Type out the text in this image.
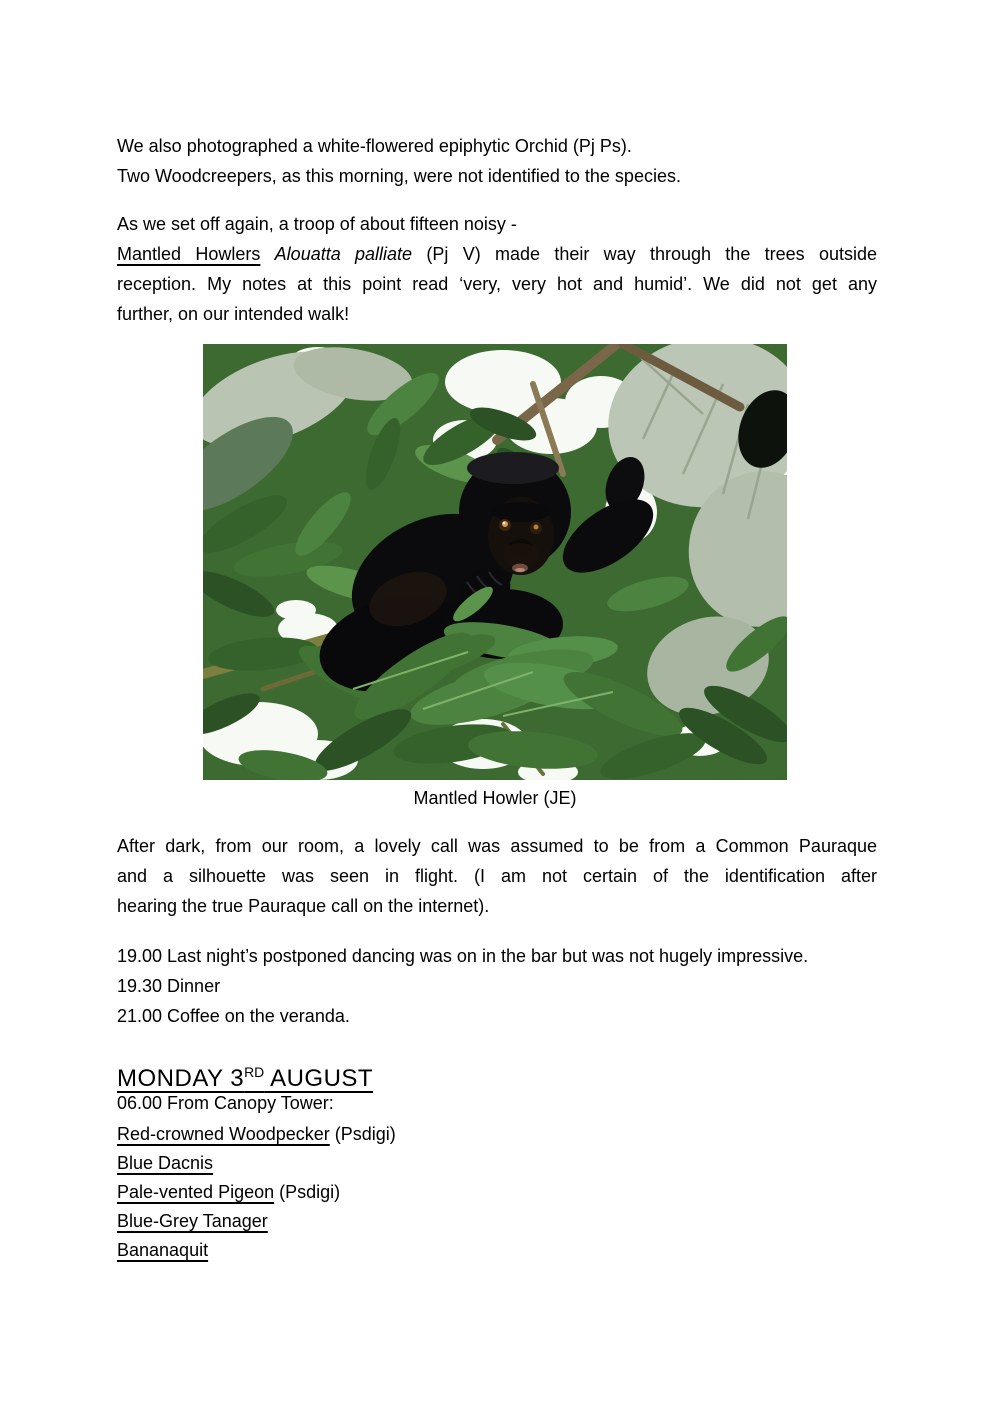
We also photographed a white-flowered epiphytic Orchid (Pj Ps).
Two Woodcreepers, as this morning, were not identified to the species.
As we set off again, a troop of about fifteen noisy -
Mantled Howlers Alouatta palliate (Pj V) made their way through the trees outside
reception. My notes at this point read ‘very, very hot and humid’. We did not get any
further, on our intended walk!
Mantled Howler (JE)
After dark, from our room, a lovely call was assumed to be from a Common Pauraque
and a silhouette was seen in flight. (I am not certain of the identification after
hearing the true Pauraque call on the internet).
19.00 Last night’s postponed dancing was on in the bar but was not hugely impressive.
19.30 Dinner
21.00 Coffee on the veranda.
MONDAY 3RD AUGUST
06.00 From Canopy Tower:
Red-crowned Woodpecker (Psdigi)
Blue Dacnis
Pale-vented Pigeon (Psdigi)
Blue-Grey Tanager
Bananaquit
